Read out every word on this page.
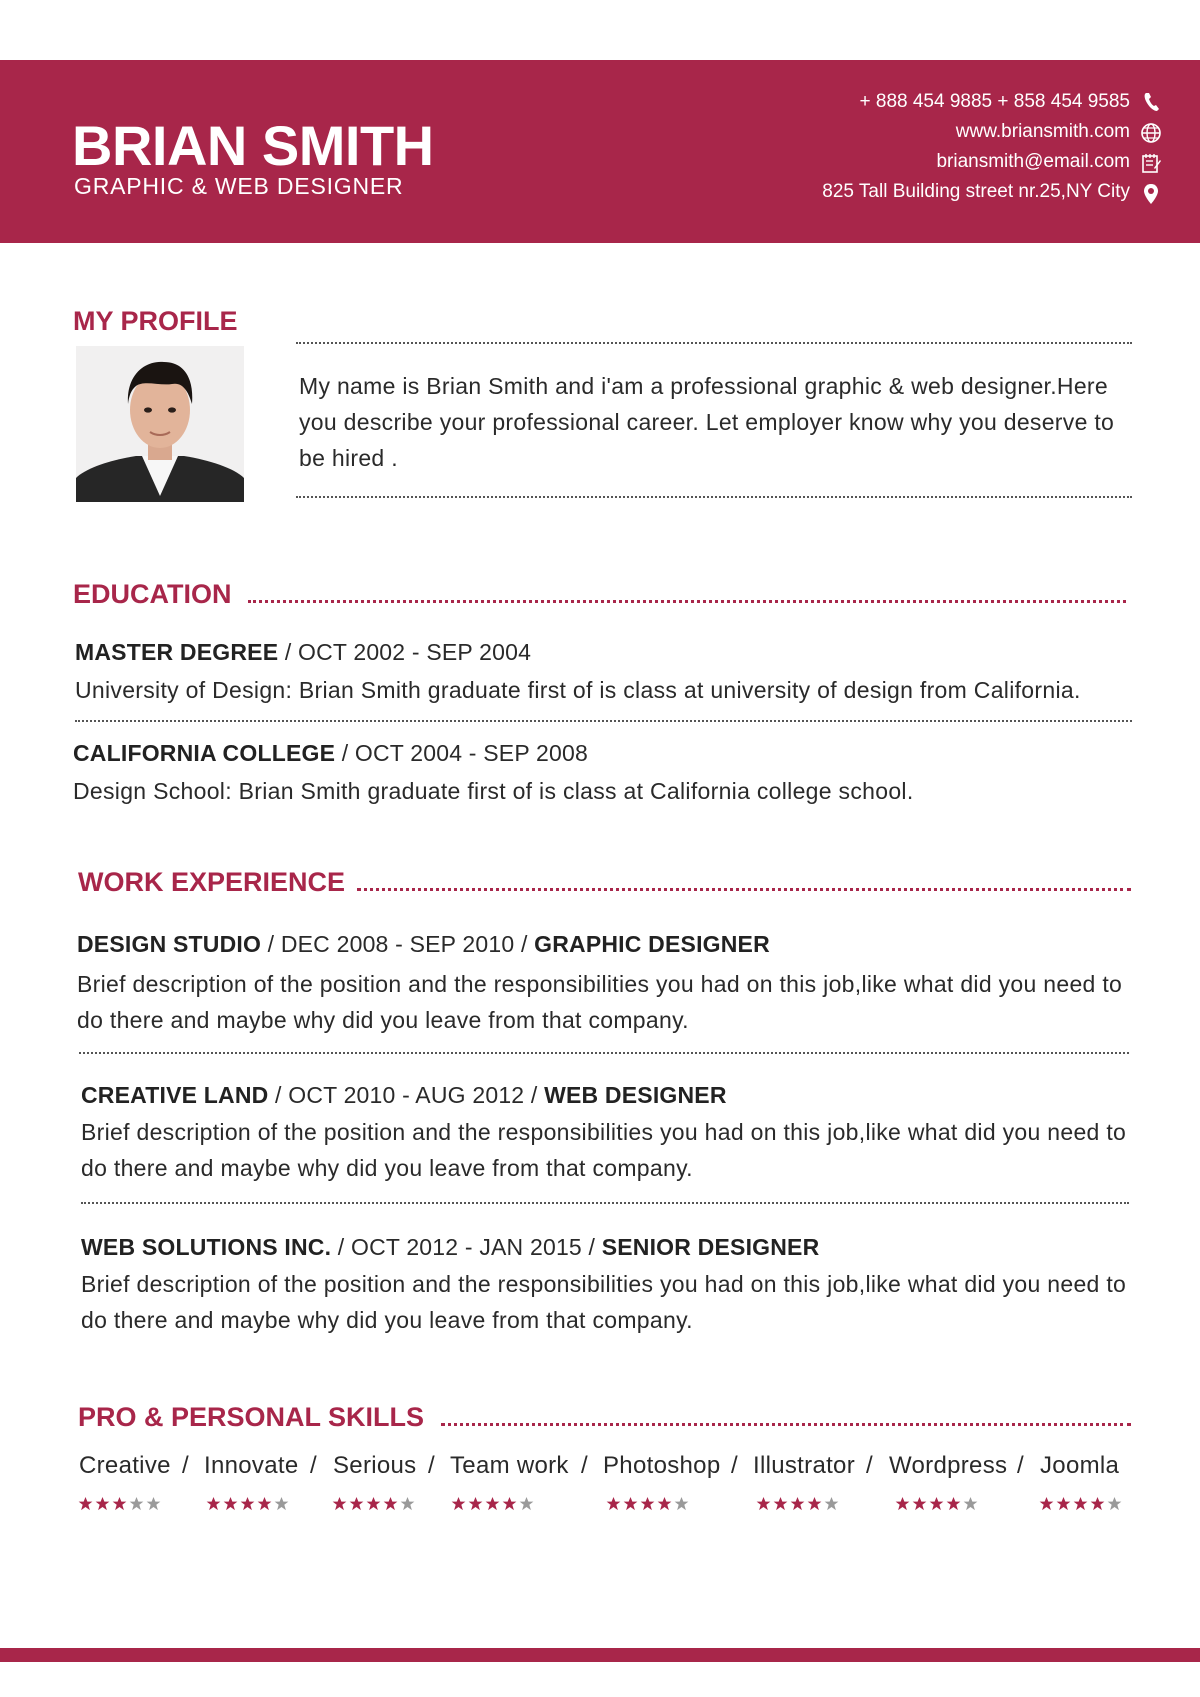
BRIAN SMITH
GRAPHIC & WEB DESIGNER
+ 888 454 9885 + 858 454 9585
www.briansmith.com
briansmith@email.com
825 Tall Building street nr.25,NY City
MY PROFILE
My name is Brian Smith and i'am a professional graphic & web designer.Here you describe your professional career. Let employer know why you deserve to be hired .
EDUCATION
MASTER DEGREE / OCT 2002 - SEP 2004
University of Design: Brian Smith graduate first of is class at university of design from California.
CALIFORNIA COLLEGE / OCT 2004 - SEP 2008
Design School: Brian Smith graduate first of is class at California college school.
WORK EXPERIENCE
DESIGN STUDIO / DEC 2008 - SEP 2010 / GRAPHIC DESIGNER
Brief description of the position and the responsibilities you had on this job,like what did you need to do there and maybe why did you leave from that company.
CREATIVE LAND / OCT 2010 - AUG 2012 / WEB DESIGNER
Brief description of the position and the responsibilities you had on this job,like what did you need to do there and maybe why did you leave from that company.
WEB SOLUTIONS INC. / OCT 2012 - JAN 2015 / SENIOR DESIGNER
Brief description of the position and the responsibilities you had on this job,like what did you need to do there and maybe why did you leave from that company.
PRO & PERSONAL SKILLS
Creative / Innovate / Serious / Team work / Photoshop / Illustrator / Wordpress / Joomla
